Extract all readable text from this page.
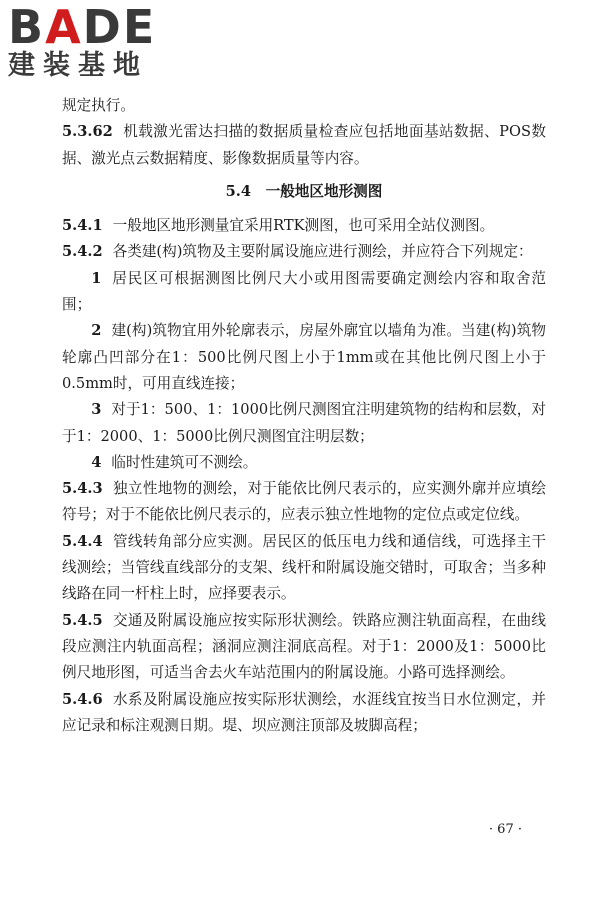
BADE
建装基地

规定执行。

5.3.62 机载激光雷达扫描的数据质量检查应包括地面基站数据、POS数据、激光点云数据精度、影像数据质量等内容。

5.4　一般地区地形测图

5.4.1 一般地区地形测量宜采用RTK测图，也可采用全站仪测图。

5.4.2 各类建(构)筑物及主要附属设施应进行测绘，并应符合下列规定：

1 居民区可根据测图比例尺大小或用图需要确定测绘内容和取舍范围；

2 建(构)筑物宜用外轮廓表示，房屋外廓宜以墙角为准。当建(构)筑物轮廓凸凹部分在1：500比例尺图上小于1mm或在其他比例尺图上小于0.5mm时，可用直线连接；

3 对于1：500、1：1000比例尺测图宜注明建筑物的结构和层数，对于1：2000、1：5000比例尺测图宜注明层数；

4 临时性建筑可不测绘。

5.4.3 独立性地物的测绘，对于能依比例尺表示的，应实测外廓并应填绘符号；对于不能依比例尺表示的，应表示独立性地物的定位点或定位线。

5.4.4 管线转角部分应实测。居民区的低压电力线和通信线，可选择主干线测绘；当管线直线部分的支架、线杆和附属设施交错时，可取舍；当多种线路在同一杆柱上时，应择要表示。

5.4.5 交通及附属设施应按实际形状测绘。铁路应测注轨面高程，在曲线段应测注内轨面高程；涵洞应测注洞底高程。对于1：2000及1：5000比例尺地形图，可适当舍去火车站范围内的附属设施。小路可选择测绘。

5.4.6 水系及附属设施应按实际形状测绘，水涯线宜按当日水位测定，并应记录和标注观测日期。堤、坝应测注顶部及坡脚高程；

· 67 ·
